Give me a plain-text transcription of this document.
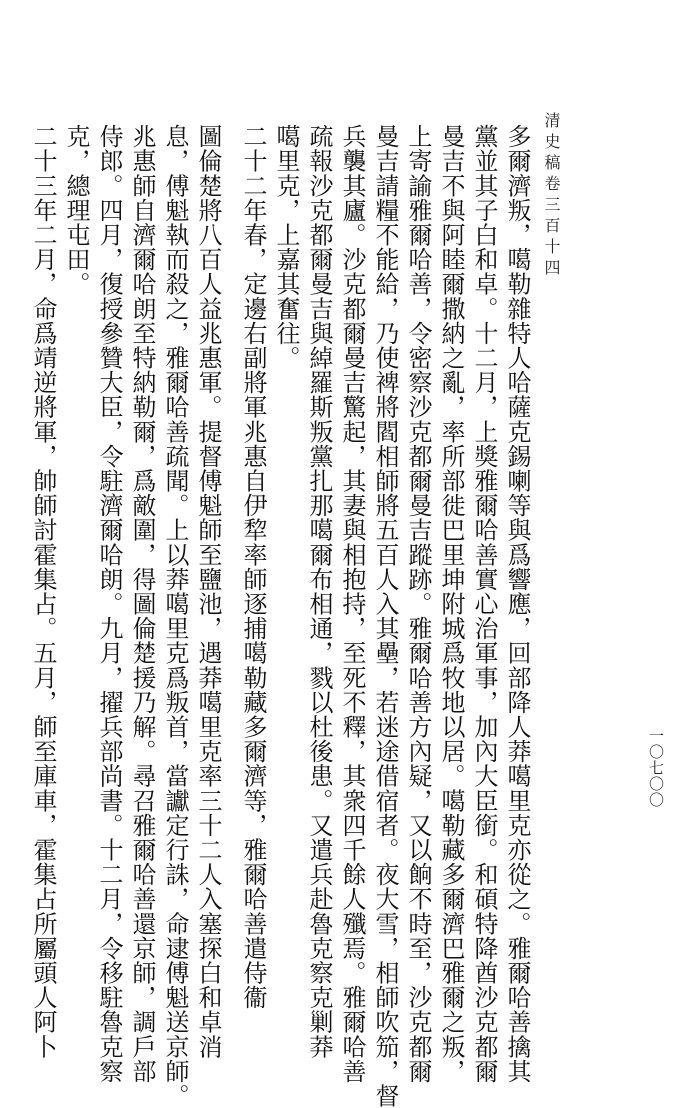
清史稿卷三百十四
一〇七〇〇
多爾濟叛，噶勒雜特人哈薩克錫喇等與爲響應，回部降人莽噶里克亦從之。雅爾哈善擒其
黨並其子白和卓。十二月，上獎雅爾哈善實心治軍事，加內大臣銜。和碩特降酋沙克都爾
曼吉不與阿睦爾撒納之亂，率所部徙巴里坤附城爲牧地以居。噶勒藏多爾濟巴雅爾之叛，
上寄諭雅爾哈善，令密察沙克都爾曼吉蹤跡。雅爾哈善方內疑，又以餉不時至，沙克都爾
曼吉請糧不能給，乃使裨將閻相師將五百人入其壘，若迷途借宿者。夜大雪，相師吹笳，督
兵襲其廬。沙克都爾曼吉驚起，其妻與相抱持，至死不釋，其衆四千餘人殲焉。雅爾哈善
疏報沙克都爾曼吉與綽羅斯叛黨扎那噶爾布相通，戮以杜後患。又遣兵赴魯克察克剿莽
噶里克，上嘉其奮往。
二十二年春，定邊右副將軍兆惠自伊犂率師逐捕噶勒藏多爾濟等，雅爾哈善遣侍衞
圖倫楚將八百人益兆惠軍。提督傅魁師至鹽池，遇莽噶里克率三十二人入塞探白和卓消
息，傅魁執而殺之，雅爾哈善疏聞。上以莽噶里克爲叛首，當讞定行誅，命逮傅魁送京師。
兆惠師自濟爾哈朗至特納勒爾，爲敵圍，得圖倫楚援乃解。尋召雅爾哈善還京師，調戶部
侍郎。四月，復授參贊大臣，令駐濟爾哈朗。九月，擢兵部尚書。十二月，令移駐魯克察
克，總理屯田。
二十三年二月，命爲靖逆將軍，帥師討霍集占。五月，師至庫車，霍集占所屬頭人阿卜
